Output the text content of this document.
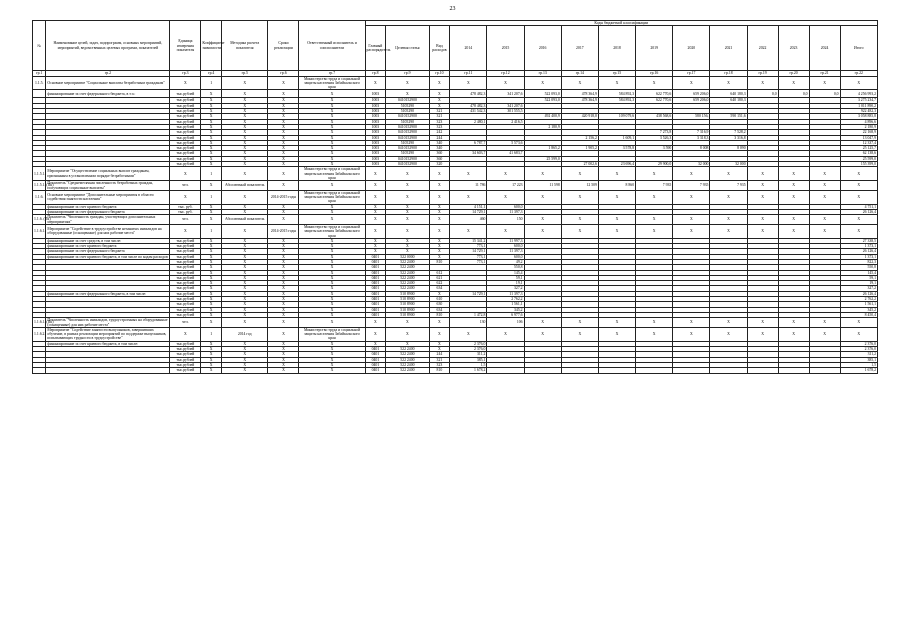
23
№	Наименование целей, задач, подпрограмм, основных мероприятий, мероприятий, ведомственных целевых программ, показателей	Единица измерения показателя	Коэффициент значимости	Методика расчета показателя	Сроки реализации	Ответственный исполнитель и соисполнители	Коды бюджетной классификации														
							Главный распорядитель	Целевая статья	Вид расходов	2014	2015	2016	2017	2018	2019	2020	2021	2022	2023	2024	Итого
гр.1	гр.2	гр.3	гр.4	гр.5	гр.6	гр.7	гр.8	гр.9	гр.10	гр.11	гр.12	гр.13	гр.14	гр.15	гр.16	гр.17	гр.18	гр.19	гр.20	гр.21	гр.22
1.1.5.	Основное мероприятие "Социальные выплаты безработным гражданам"	X	1	X	X	Министерство труда и социальной защиты населения Забайкальского края	X	X	X	X	X	X	X	X	X	X	X	X	X	X	X
	финансирование за счет федерального бюджета, в т.ч.:	тыс.рублей	X	X	X	X	1003	X	X	478 482,3	341 207,6	522 093,0	478 364,9	584 892,3	622 770,6	659 206,0	640 180,3	0,0	0,0	0,0	4 256 993,2
		тыс.рублей	X	X	X	X	1003	0410152900	X			522 093,0	478 364,9	584 892,3	622 770,6	659 206,0	640 180,3				3 275 234,7
		тыс.рублей	X	X	X	X	1003	5105290	X	478 482,3	341 207,6										1 011 890,2
		тыс.рублей	X	X	X	X	1003	5105290	321	431 542,3	301 555,5										922 482,3
		тыс.рублей	X	X	X	X	1003	0410152900	321			492 400,9	420 918,0	109 079,6	438 568,6	580 156,	590 151,6				3 058 885,8
		тыс.рублей	X	X	X	X	1003	5105290	323	2 480,1	2 416,5										4 896,6
		тыс.рублей	X	X	X	X	1003	0410152900	323			2 180,9									2 180,9
		тыс.рублей	X	X	X	X	1003	0410152900	242						7 273,8	7 316,9	7 528,2				22 168,9
		тыс.рублей	X	X	X	X	1003	0410152900	244				2 156,2	1 609,1	3 526,3	3 318,3	3 316,8				13 047,9
		тыс.рублей	X	X	X	X	1003	5105290	340	6 787,7	5 573,6										12 337,4
		тыс.рублей	X	X	X	X	1003	0410152900	340			1 865,2	1 905,2	3 578,8	3 590	8 008	8 090				25 125,7
		тыс.рублей	X	X	X	X	1003	5105290	360	34 603,7	41 683,7										62 138,6
		тыс.рублей	X	X	X	X	1003	0410152900	360			25 599,0									25 599,0
		тыс.рублей	X	X	X	X	1003	0410152900	320				27 002,6	23 696,4	29 900,0	32 000	32 000				155 399,0
1.1.5.1.	Мероприятие "Осуществление социальных выплат гражданам, признанным в установленном порядке безработными"	X	1	X	X	Министерство труда и социальной защиты населения Забайкальского края	X	X	X	X	X	X	X	X	X	X	X	X	X	X	X
1.1.5.1. (Пк)	Показатель "Среднемесячная численность безработных граждан, получающих социальные выплаты"	чел.	X	Абсолютный показатель	X	X	X	X	X	11 786	17 223	11 598	12 509	8 860	7 935	7 935	7 935	X	X	X	X
1.1.6.	Основное мероприятие "Дополнительные мероприятия в области содействия занятости населения"	X	1	X	2014-2015 годы	Министерство труда и социальной защиты населения Забайкальского края	X	X	X	X	X	X	X	X	X	X	X	X	X	X	X
	финансирование за счет краевого бюджета	тыс. руб.	X	X	X	X	X	X	X	4 151,1	600,0										4 751,1
	финансирование за счет федерального бюджета	тыс. руб.	X	X	X	X	X	X	X	14 729,1	11 397,3										26 126,4
1.1.6. (Пк)	Показатель "Численность граждан, участвующих дополнительных мероприятиях"	чел.	X	Абсолютный показатель	X	X	X	X	X	460	150	X	X	X	X	X	X	X	X	X	X
1.1.6.1.	Мероприятие "Содействие в трудоустройстве незанятых инвалидов на оборудованные (оснащенные) для них рабочие места"	X	1	X	2014-2015 годы	Министерство труда и социальной защиты населения Забайкальского края	X	X	X	X	X	X	X	X	X	X	X	X	X	X	X
	финансирование за счет средств, в том числе:	тыс.рублей	X	X	X	X	X	X	X	15 341,2	11 997,3										27 338,5
	финансирование за счет краевого бюджета	тыс.рублей	X	X	X	X	X	X	X	773,1	600,0										1 373,1
	финансирование за счет федерального бюджета	тыс.рублей	X	X	X	X	X	X	X	14 729,1	11 397,3										26 126,4
	финансирование за счет краевого бюджета, в том числе по кодам расходов	тыс.рублей	X	X	X	X	0401	522 0000	X	773,1	600,0										1 373,1
		тыс.рублей	X	X	X	X	0401	522 2400	810	773,1	49,2										822,3
		тыс.рублей	X	X	X	X	0401	522 2400			550,8										550,8
		тыс.рублей	X	X	X	X	0401	522 2400	612		145,4										145,4
		тыс.рублей	X	X	X	X	0401	522 2400	621		59,1										59,1
		тыс.рублей	X	X	X	X	0401	522 2400	622		19,1										19,1
		тыс.рублей	X	X	X	X	0401	522 2400	634		327,2										327,2
	финансирование за счет федерального бюджета, в том числе:	тыс.рублей	X	X	X	X	0401	510 8900	X	14 729,1	11 397,3										26 126,4
		тыс.рублей	X	X	X	X	0401	510 8900	610		2 762,2										2 762,2
		тыс.рублей	X	X	X	X	0401	510 8900	630		1 561,1										1 561,1
		тыс.рублей	X	X	X	X	0401	510 8900	634		345,2										345,2
		тыс.рублей	X	X	X	X	0401	510 8900	810	1 472,8	6 977,6										8 450,4
1.1.6.1. (Пк)	Показатель "Численность инвалидов, трудоустроенных на оборудованные (оснащенные) для них рабочие места"	чел.	X	X	X	X	X	X	X	130	106	X	X	X	X	X	X	X	X	X	X
1.1.6.2.	Мероприятие "Содействие занятости выпускников, завершивших обучение, в рамках реализации мероприятий по поддержке выпускников, испытывающих трудности в трудоустройстве"	X	1	2014 год	X	Министерство труда и социальной защиты населения Забайкальского края	X	X	X	X	X	X	X	X	X	X	X	X	X	X	X
	финансирование за счет краевого бюджета, в том числе:	тыс.рублей	X	X	X	X	X	X	X	2 376,0											2 376,0
		тыс.рублей	X	X	X	X	0401	522 2400	X	2 376,0											2 376,0
		тыс.рублей	X	X	X	X	0401	522 2400	244	311,2											311,2
		тыс.рублей	X	X	X	X	0401	522 2400	321	385,1											385,1
		тыс.рублей	X	X	X	X	0401	522 2400	323	1,5											1,5
		тыс.рублей	X	X	X	X	0401	522 2400	810	1 678,2											1 678,2
